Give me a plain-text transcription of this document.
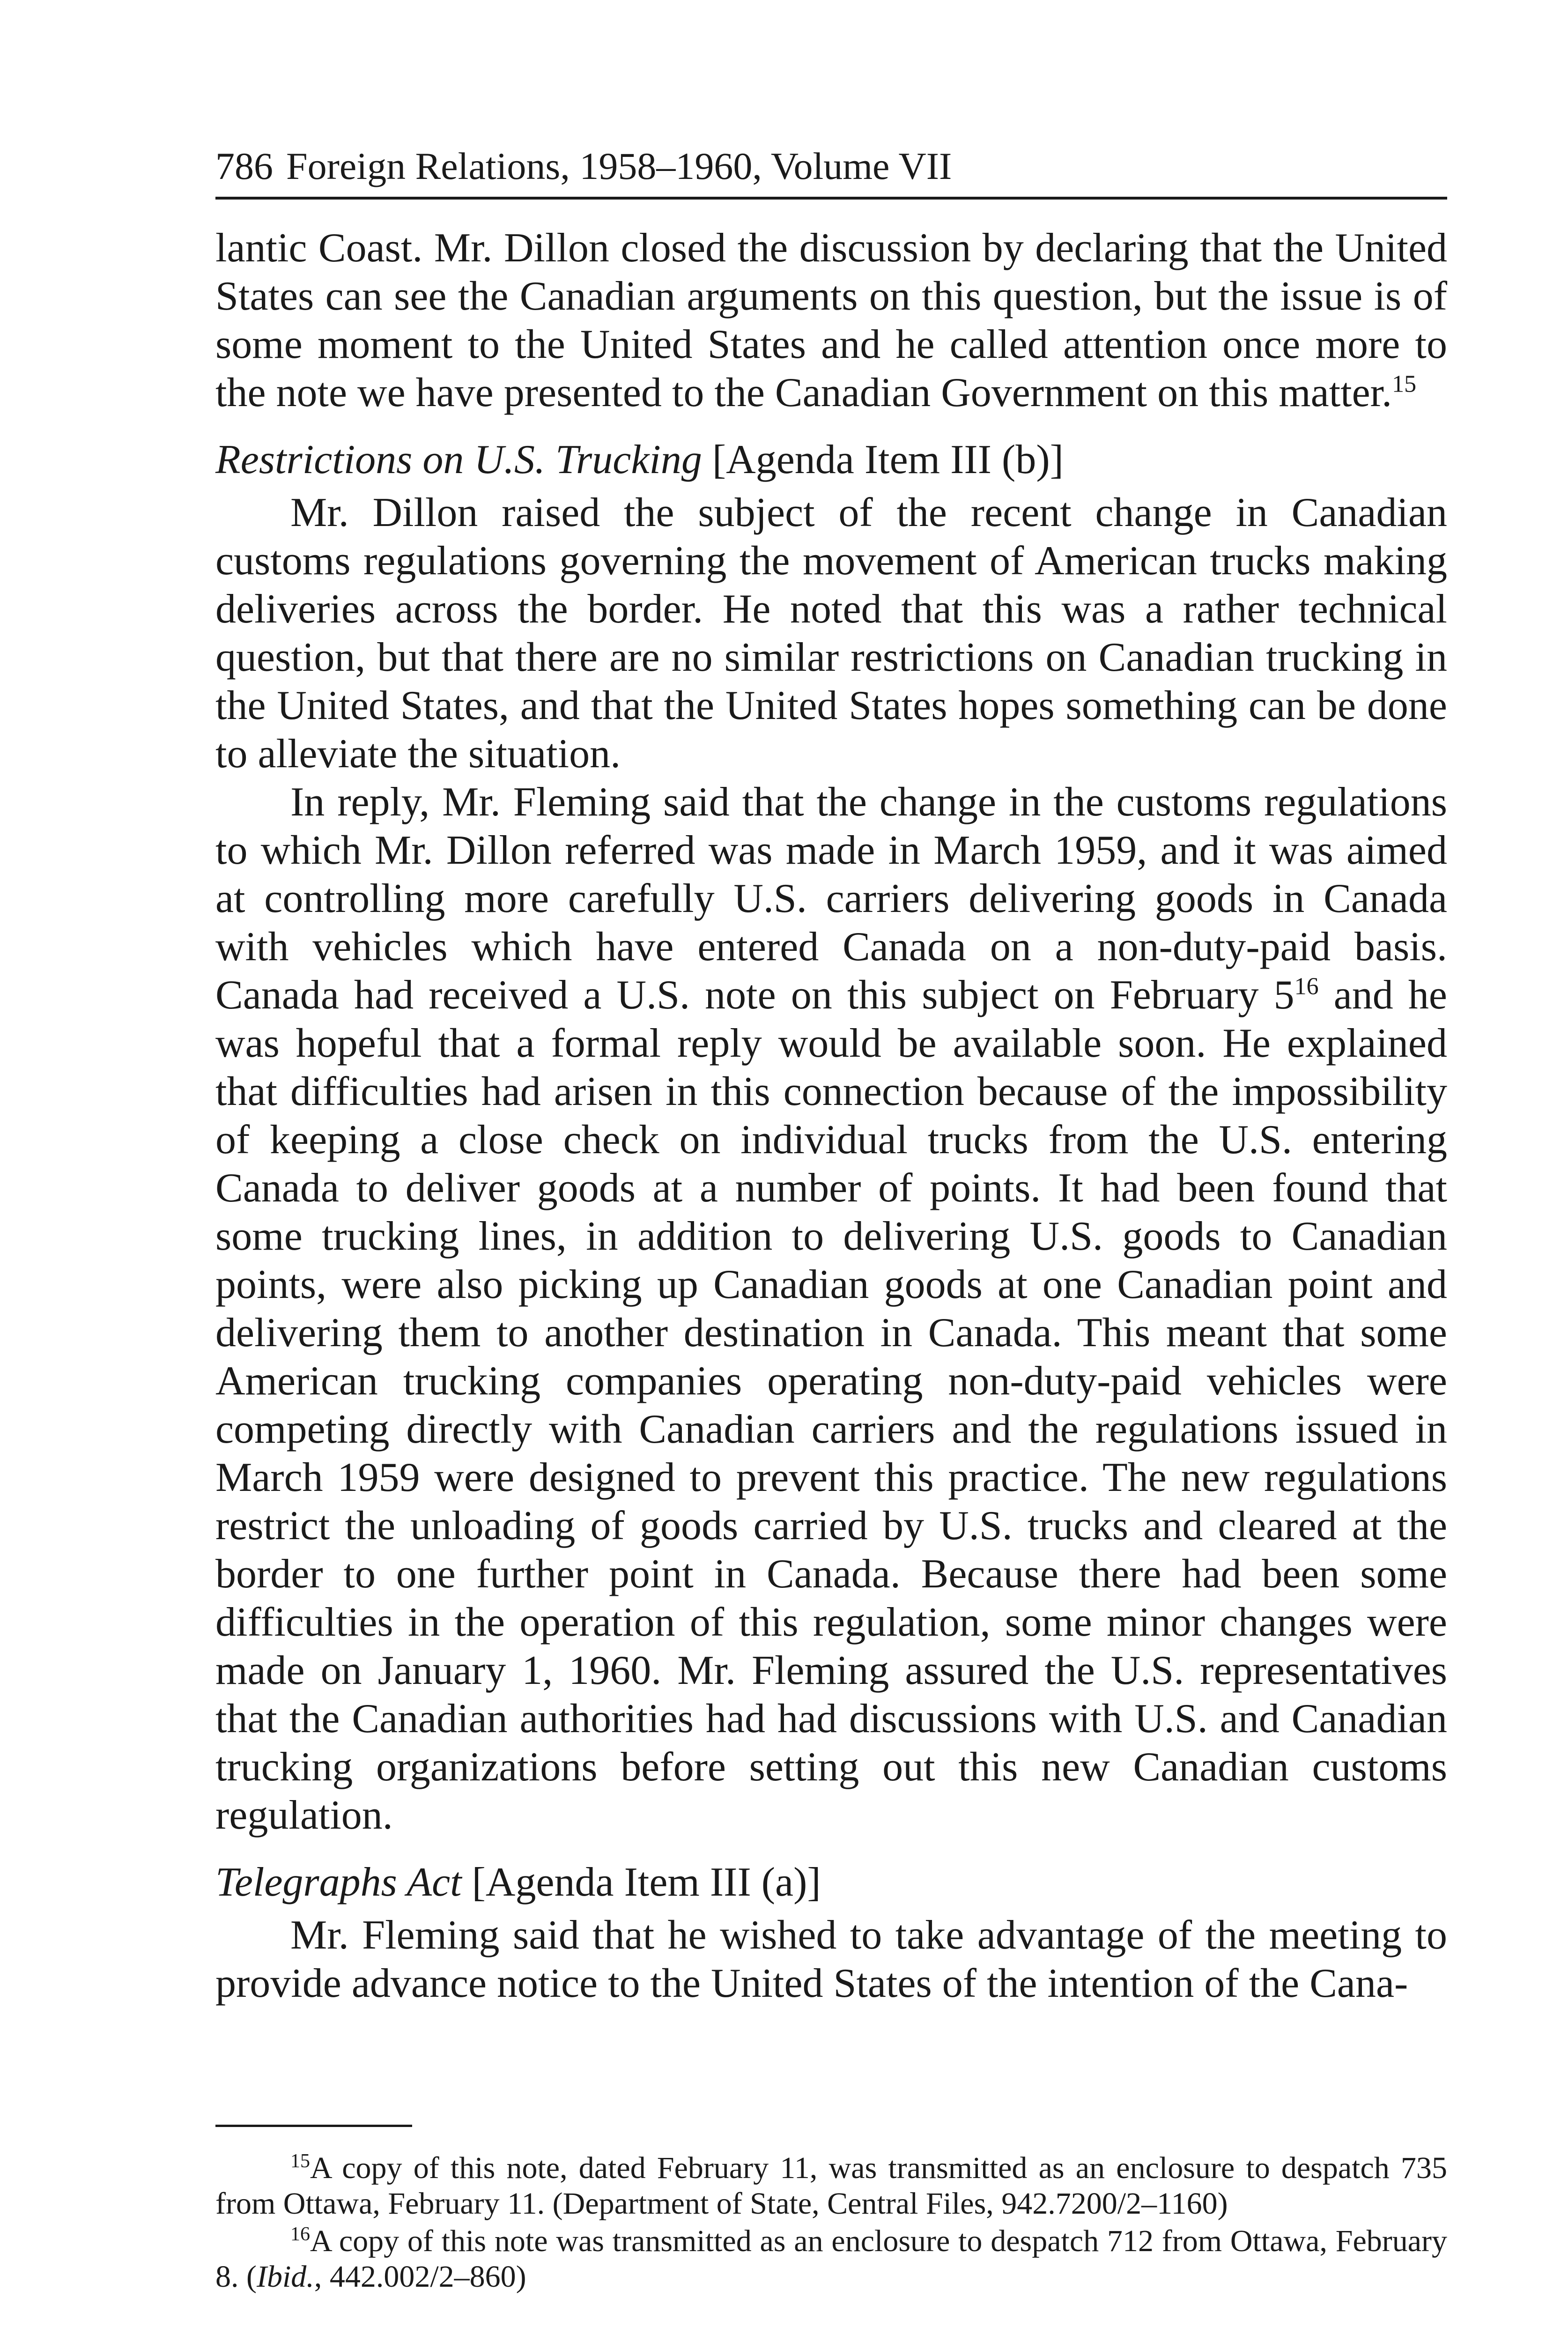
786 Foreign Relations, 1958–1960, Volume VII

lantic Coast. Mr. Dillon closed the discussion by declaring that the United States can see the Canadian arguments on this question, but the issue is of some moment to the United States and he called attention once more to the note we have presented to the Canadian Government on this matter.$^{15}$

Restrictions on U.S. Trucking [Agenda Item III (b)]

Mr. Dillon raised the subject of the recent change in Canadian customs regulations governing the movement of American trucks making deliveries across the border. He noted that this was a rather technical question, but that there are no similar restrictions on Canadian trucking in the United States, and that the United States hopes something can be done to alleviate the situation.

In reply, Mr. Fleming said that the change in the customs regulations to which Mr. Dillon referred was made in March 1959, and it was aimed at controlling more carefully U.S. carriers delivering goods in Canada with vehicles which have entered Canada on a non-duty-paid basis. Canada had received a U.S. note on this subject on February $5^{16}$ and he was hopeful that a formal reply would be available soon. He explained that difficulties had arisen in this connection because of the impossibility of keeping a close check on individual trucks from the U.S. entering Canada to deliver goods at a number of points. It had been found that some trucking lines, in addition to delivering U.S. goods to Canadian points, were also picking up Canadian goods at one Canadian point and delivering them to another destination in Canada. This meant that some American trucking companies operating non-duty-paid vehicles were competing directly with Canadian carriers and the regulations issued in March 1959 were designed to prevent this practice. The new regulations restrict the unloading of goods carried by U.S. trucks and cleared at the border to one further point in Canada. Because there had been some difficulties in the operation of this regulation, some minor changes were made on January 1, 1960. Mr. Fleming assured the U.S. representatives that the Canadian authorities had had discussions with U.S. and Canadian trucking organizations before setting out this new Canadian customs regulation.

Telegraphs Act [Agenda Item III (a)]

Mr. Fleming said that he wished to take advantage of the meeting to provide advance notice to the United States of the intention of the Cana-

$^{15}$A copy of this note, dated February 11, was transmitted as an enclosure to despatch 735 from Ottawa, February 11. (Department of State, Central Files, 942.7200/2–1160)

$^{16}$A copy of this note was transmitted as an enclosure to despatch 712 from Ottawa, February 8. (Ibid., 442.002/2–860)
